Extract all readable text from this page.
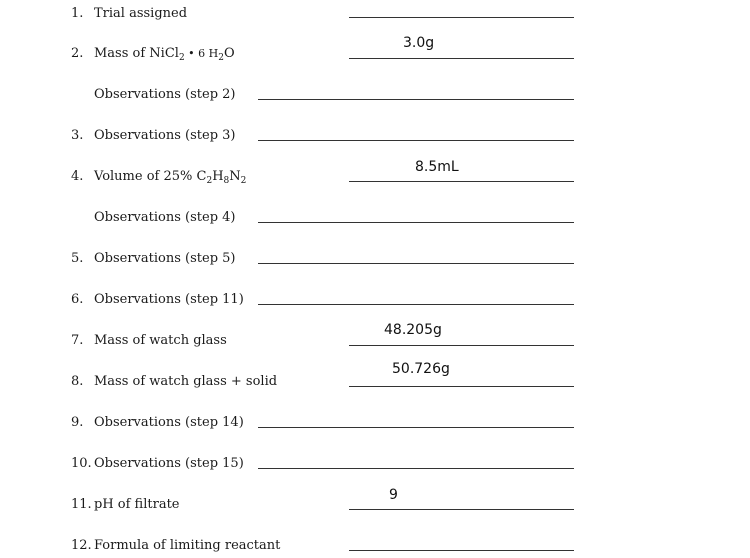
1. Trial assigned
2. Mass of NiCl$_2$ • 6 $H_2O$
3.0g
Observations (step 2)
3. Observations (step 3)
4. Volume of 25% $C_2H_8N_2$
8.5mL
Observations (step 4)
5. Observations (step 5)
6. Observations (step 11)
7. Mass of watch glass
48.205g
8. Mass of watch glass + solid
50.726g
9. Observations (step 14)
10. Observations (step 15)
11. pH of filtrate
9
12. Formula of limiting reactant
